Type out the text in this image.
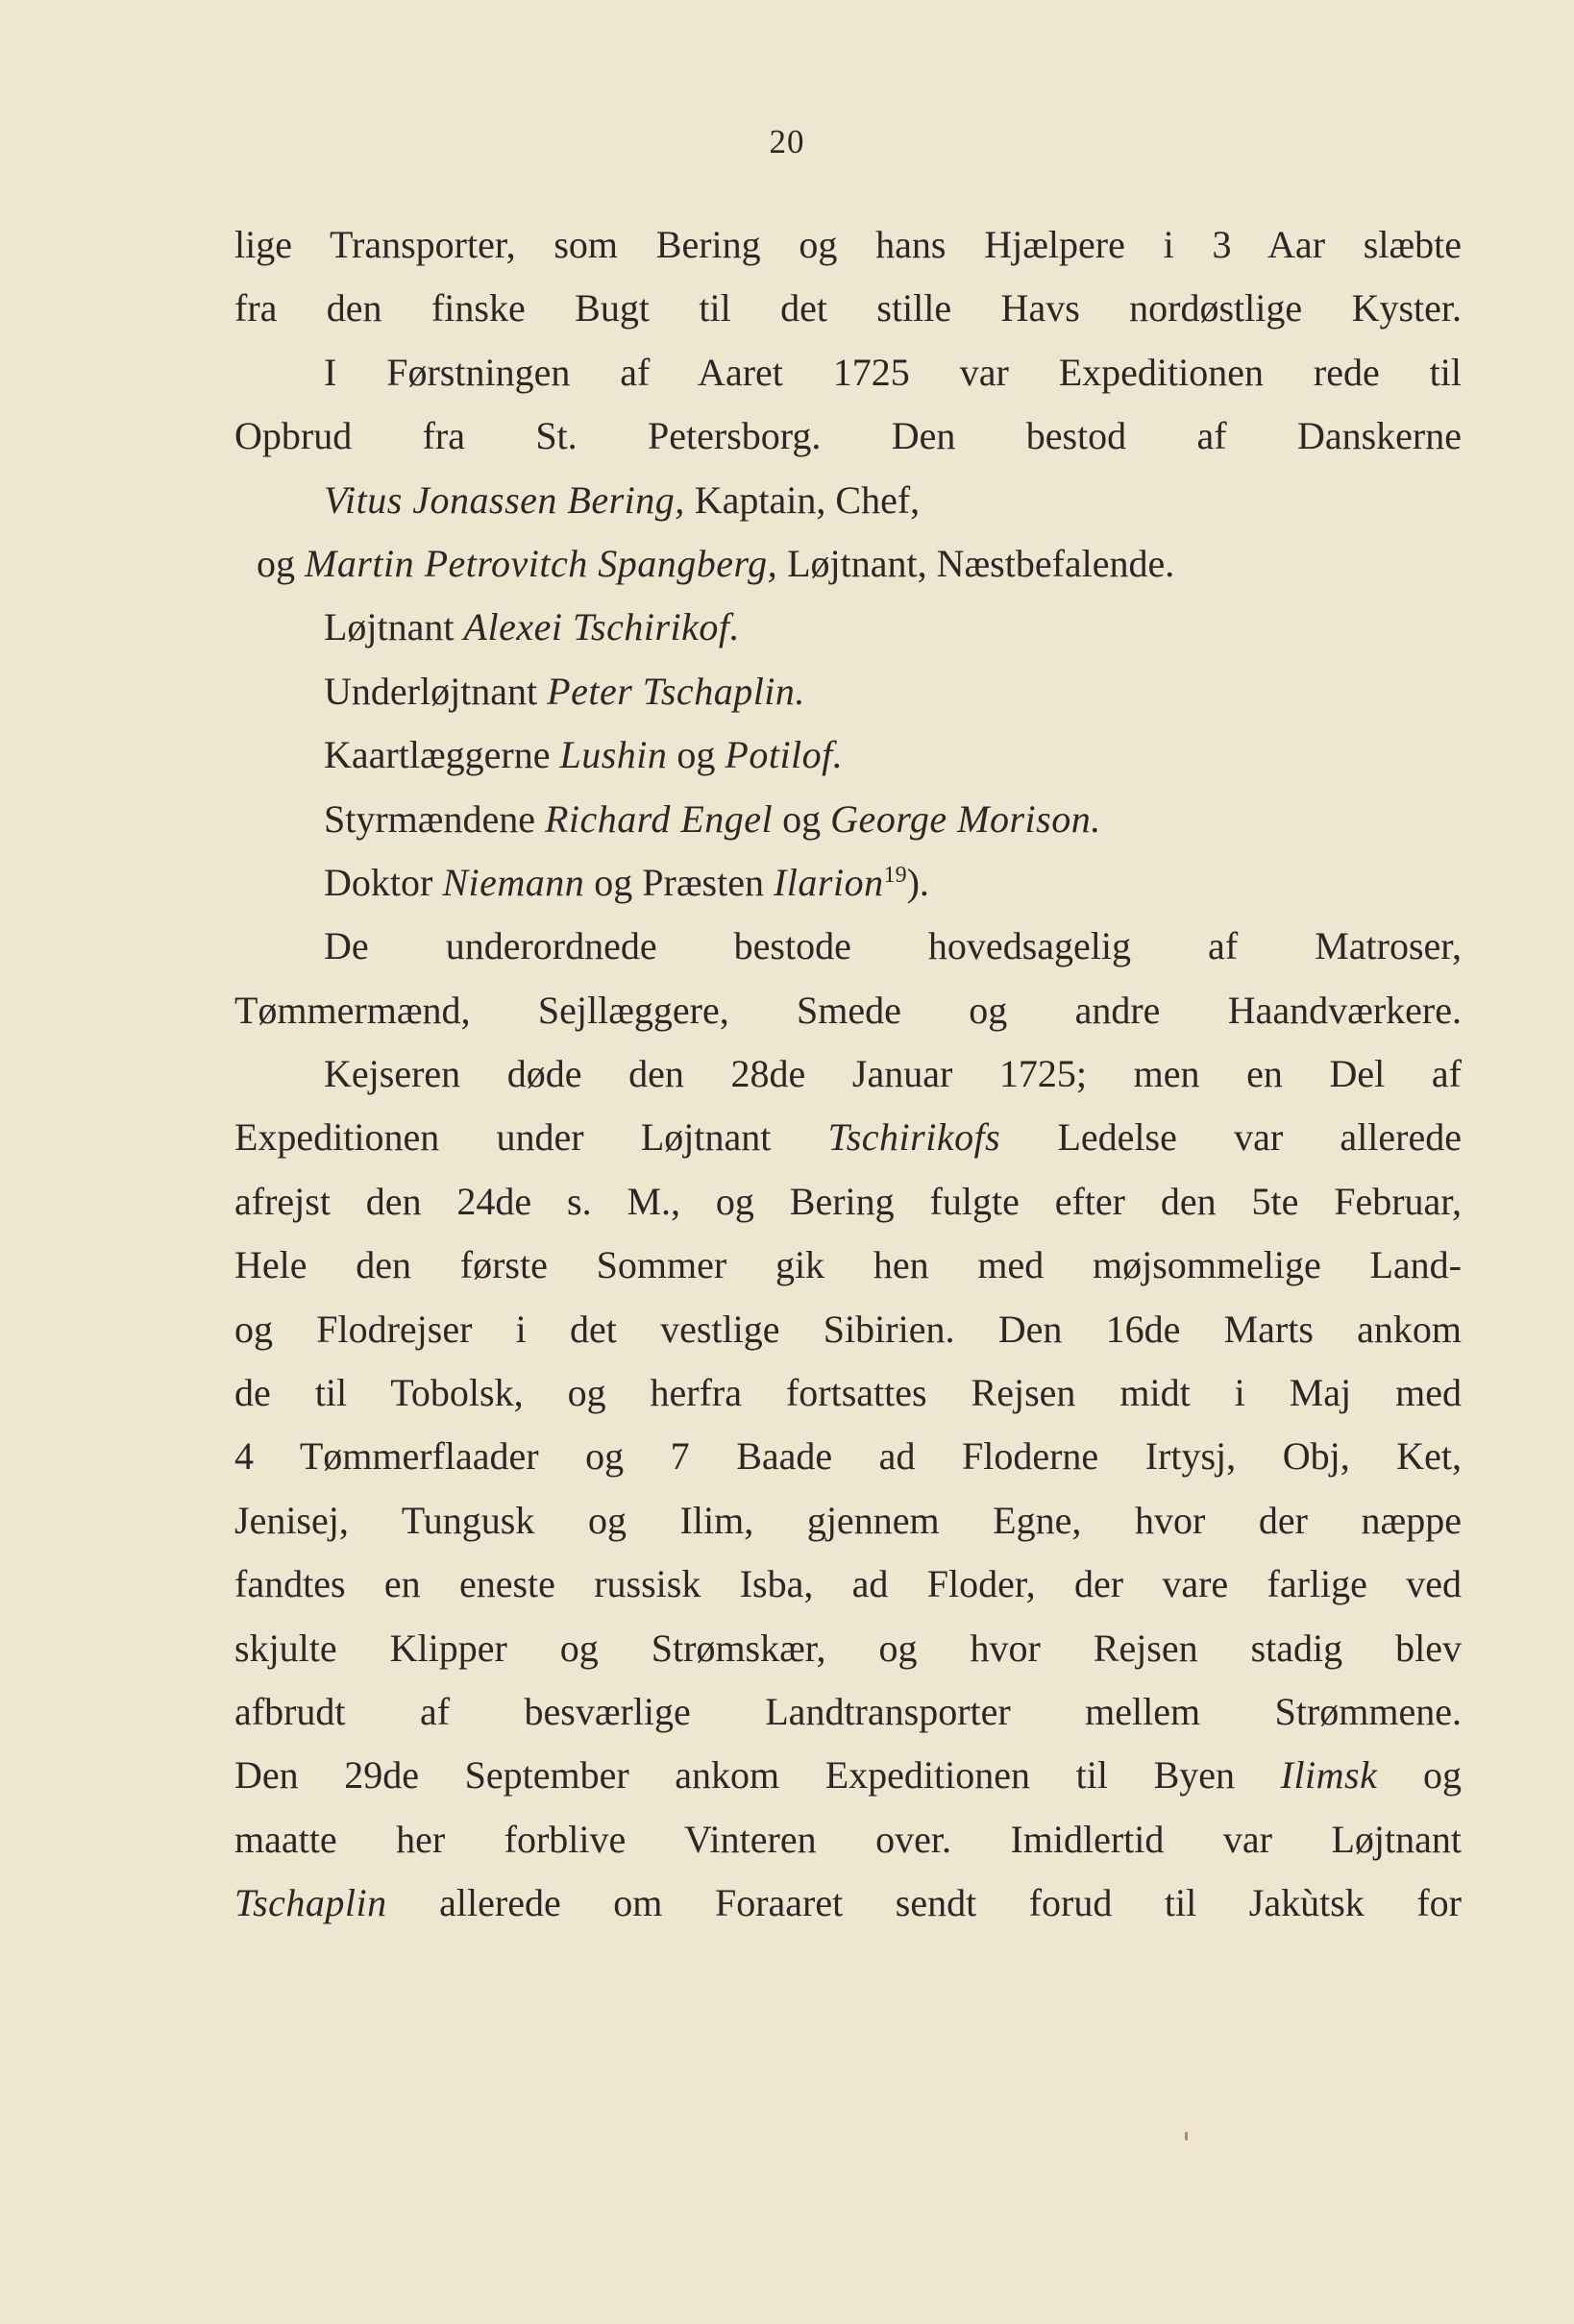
20
lige Transporter, som Bering og hans Hjælpere i 3 Aar slæbte
fra den finske Bugt til det stille Havs nordøstlige Kyster.
I Førstningen af Aaret 1725 var Expeditionen rede til
Opbrud fra St. Petersborg. Den bestod af Danskerne
Vitus Jonassen Bering, Kaptain, Chef,
og Martin Petrovitch Spangberg, Løjtnant, Næstbefalende.
Løjtnant Alexei Tschirikof.
Underløjtnant Peter Tschaplin.
Kaartlæggerne Lushin og Potilof.
Styrmændene Richard Engel og George Morison.
Doktor Niemann og Præsten Ilarion$^{19}$).
De underordnede bestode hovedsagelig af Matroser,
Tømmermænd, Sejllæggere, Smede og andre Haandværkere.
Kejseren døde den 28de Januar 1725; men en Del af
Expeditionen under Løjtnant Tschirikofs Ledelse var allerede
afrejst den 24de s. M., og Bering fulgte efter den 5te Februar,
Hele den første Sommer gik hen med møjsommelige Land-
og Flodrejser i det vestlige Sibirien. Den 16de Marts ankom
de til Tobolsk, og herfra fortsattes Rejsen midt i Maj med
4 Tømmerflaader og 7 Baade ad Floderne Irtysj, Obj, Ket,
Jenisej, Tungusk og Ilim, gjennem Egne, hvor der næppe
fandtes en eneste russisk Isba, ad Floder, der vare farlige ved
skjulte Klipper og Strømskær, og hvor Rejsen stadig blev
afbrudt af besværlige Landtransporter mellem Strømmene.
Den 29de September ankom Expeditionen til Byen Ilimsk og
maatte her forblive Vinteren over. Imidlertid var Løjtnant
Tschaplin allerede om Foraaret sendt forud til Jakùtsk for
